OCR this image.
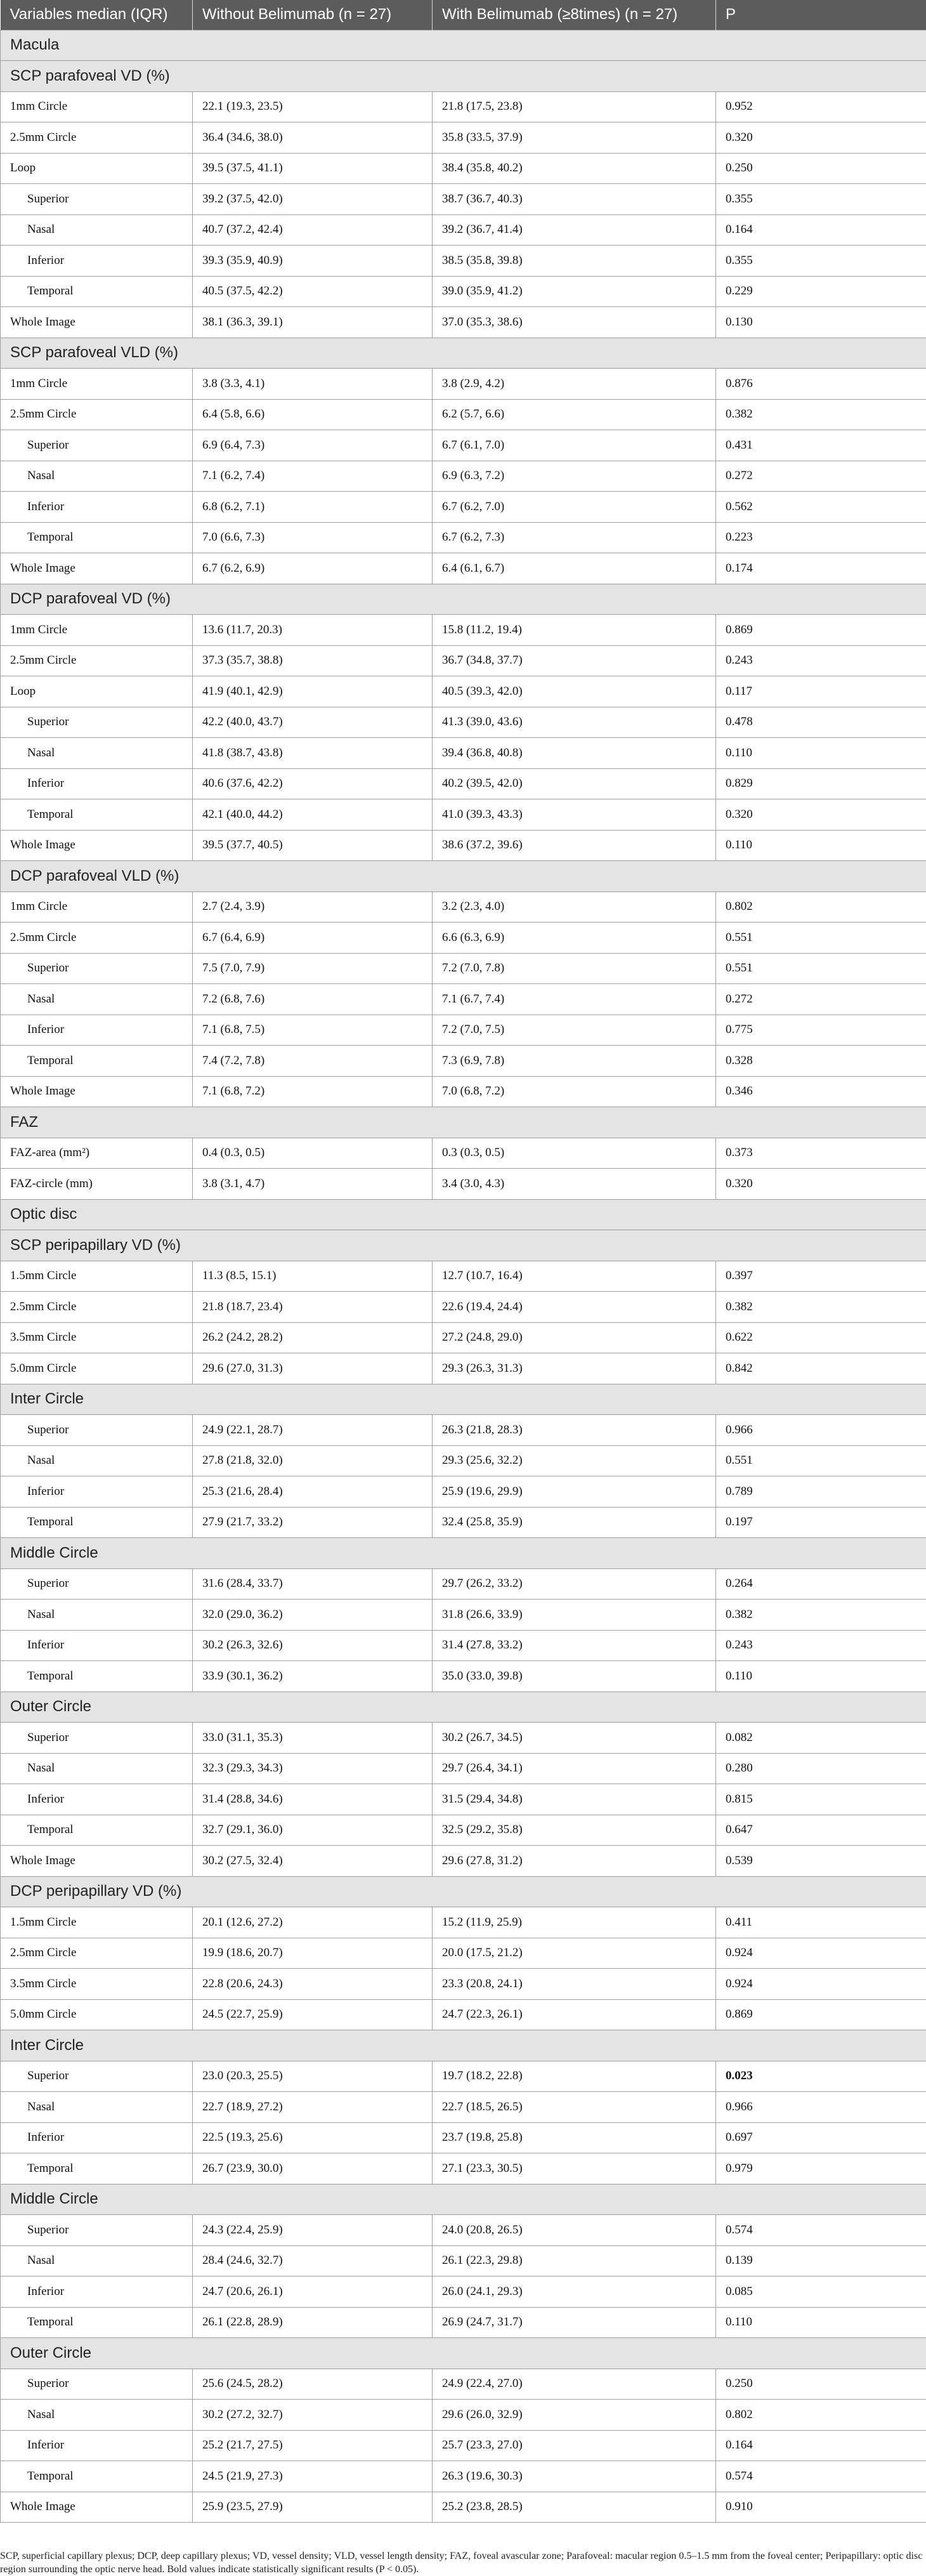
Variables median (IQR)	Without Belimumab (n = 27)	With Belimumab (≥8times) (n = 27)	P
Macula			
SCP parafoveal VD (%)			
1mm Circle	22.1 (19.3, 23.5)	21.8 (17.5, 23.8)	0.952
2.5mm Circle	36.4 (34.6, 38.0)	35.8 (33.5, 37.9)	0.320
Loop	39.5 (37.5, 41.1)	38.4 (35.8, 40.2)	0.250
Superior	39.2 (37.5, 42.0)	38.7 (36.7, 40.3)	0.355
Nasal	40.7 (37.2, 42.4)	39.2 (36.7, 41.4)	0.164
Inferior	39.3 (35.9, 40.9)	38.5 (35.8, 39.8)	0.355
Temporal	40.5 (37.5, 42.2)	39.0 (35.9, 41.2)	0.229
Whole Image	38.1 (36.3, 39.1)	37.0 (35.3, 38.6)	0.130
SCP parafoveal VLD (%)			
1mm Circle	3.8 (3.3, 4.1)	3.8 (2.9, 4.2)	0.876
2.5mm Circle	6.4 (5.8, 6.6)	6.2 (5.7, 6.6)	0.382
Superior	6.9 (6.4, 7.3)	6.7 (6.1, 7.0)	0.431
Nasal	7.1 (6.2, 7.4)	6.9 (6.3, 7.2)	0.272
Inferior	6.8 (6.2, 7.1)	6.7 (6.2, 7.0)	0.562
Temporal	7.0 (6.6, 7.3)	6.7 (6.2, 7.3)	0.223
Whole Image	6.7 (6.2, 6.9)	6.4 (6.1, 6.7)	0.174
DCP parafoveal VD (%)			
1mm Circle	13.6 (11.7, 20.3)	15.8 (11.2, 19.4)	0.869
2.5mm Circle	37.3 (35.7, 38.8)	36.7 (34.8, 37.7)	0.243
Loop	41.9 (40.1, 42.9)	40.5 (39.3, 42.0)	0.117
Superior	42.2 (40.0, 43.7)	41.3 (39.0, 43.6)	0.478
Nasal	41.8 (38.7, 43.8)	39.4 (36.8, 40.8)	0.110
Inferior	40.6 (37.6, 42.2)	40.2 (39.5, 42.0)	0.829
Temporal	42.1 (40.0, 44.2)	41.0 (39.3, 43.3)	0.320
Whole Image	39.5 (37.7, 40.5)	38.6 (37.2, 39.6)	0.110
DCP parafoveal VLD (%)			
1mm Circle	2.7 (2.4, 3.9)	3.2 (2.3, 4.0)	0.802
2.5mm Circle	6.7 (6.4, 6.9)	6.6 (6.3, 6.9)	0.551
Superior	7.5 (7.0, 7.9)	7.2 (7.0, 7.8)	0.551
Nasal	7.2 (6.8, 7.6)	7.1 (6.7, 7.4)	0.272
Inferior	7.1 (6.8, 7.5)	7.2 (7.0, 7.5)	0.775
Temporal	7.4 (7.2, 7.8)	7.3 (6.9, 7.8)	0.328
Whole Image	7.1 (6.8, 7.2)	7.0 (6.8, 7.2)	0.346
FAZ			
FAZ-area (mm²)	0.4 (0.3, 0.5)	0.3 (0.3, 0.5)	0.373
FAZ-circle (mm)	3.8 (3.1, 4.7)	3.4 (3.0, 4.3)	0.320
Optic disc			
SCP peripapillary VD (%)			
1.5mm Circle	11.3 (8.5, 15.1)	12.7 (10.7, 16.4)	0.397
2.5mm Circle	21.8 (18.7, 23.4)	22.6 (19.4, 24.4)	0.382
3.5mm Circle	26.2 (24.2, 28.2)	27.2 (24.8, 29.0)	0.622
5.0mm Circle	29.6 (27.0, 31.3)	29.3 (26.3, 31.3)	0.842
Inter Circle			
Superior	24.9 (22.1, 28.7)	26.3 (21.8, 28.3)	0.966
Nasal	27.8 (21.8, 32.0)	29.3 (25.6, 32.2)	0.551
Inferior	25.3 (21.6, 28.4)	25.9 (19.6, 29.9)	0.789
Temporal	27.9 (21.7, 33.2)	32.4 (25.8, 35.9)	0.197
Middle Circle			
Superior	31.6 (28.4, 33.7)	29.7 (26.2, 33.2)	0.264
Nasal	32.0 (29.0, 36.2)	31.8 (26.6, 33.9)	0.382
Inferior	30.2 (26.3, 32.6)	31.4 (27.8, 33.2)	0.243
Temporal	33.9 (30.1, 36.2)	35.0 (33.0, 39.8)	0.110
Outer Circle			
Superior	33.0 (31.1, 35.3)	30.2 (26.7, 34.5)	0.082
Nasal	32.3 (29.3, 34.3)	29.7 (26.4, 34.1)	0.280
Inferior	31.4 (28.8, 34.6)	31.5 (29.4, 34.8)	0.815
Temporal	32.7 (29.1, 36.0)	32.5 (29.2, 35.8)	0.647
Whole Image	30.2 (27.5, 32.4)	29.6 (27.8, 31.2)	0.539
DCP peripapillary VD (%)			
1.5mm Circle	20.1 (12.6, 27.2)	15.2 (11.9, 25.9)	0.411
2.5mm Circle	19.9 (18.6, 20.7)	20.0 (17.5, 21.2)	0.924
3.5mm Circle	22.8 (20.6, 24.3)	23.3 (20.8, 24.1)	0.924
5.0mm Circle	24.5 (22.7, 25.9)	24.7 (22.3, 26.1)	0.869
Inter Circle			
Superior	23.0 (20.3, 25.5)	19.7 (18.2, 22.8)	0.023
Nasal	22.7 (18.9, 27.2)	22.7 (18.5, 26.5)	0.966
Inferior	22.5 (19.3, 25.6)	23.7 (19.8, 25.8)	0.697
Temporal	26.7 (23.9, 30.0)	27.1 (23.3, 30.5)	0.979
Middle Circle			
Superior	24.3 (22.4, 25.9)	24.0 (20.8, 26.5)	0.574
Nasal	28.4 (24.6, 32.7)	26.1 (22.3, 29.8)	0.139
Inferior	24.7 (20.6, 26.1)	26.0 (24.1, 29.3)	0.085
Temporal	26.1 (22.8, 28.9)	26.9 (24.7, 31.7)	0.110
Outer Circle			
Superior	25.6 (24.5, 28.2)	24.9 (22.4, 27.0)	0.250
Nasal	30.2 (27.2, 32.7)	29.6 (26.0, 32.9)	0.802
Inferior	25.2 (21.7, 27.5)	25.7 (23.3, 27.0)	0.164
Temporal	24.5 (21.9, 27.3)	26.3 (19.6, 30.3)	0.574
Whole Image	25.9 (23.5, 27.9)	25.2 (23.8, 28.5)	0.910
SCP, superficial capillary plexus; DCP, deep capillary plexus; VD, vessel density; VLD, vessel length density; FAZ, foveal avascular zone; Parafoveal: macular region 0.5–1.5 mm from the foveal center; Peripapillary: optic disc region surrounding the optic nerve head. Bold values indicate statistically significant results (P < 0.05).
